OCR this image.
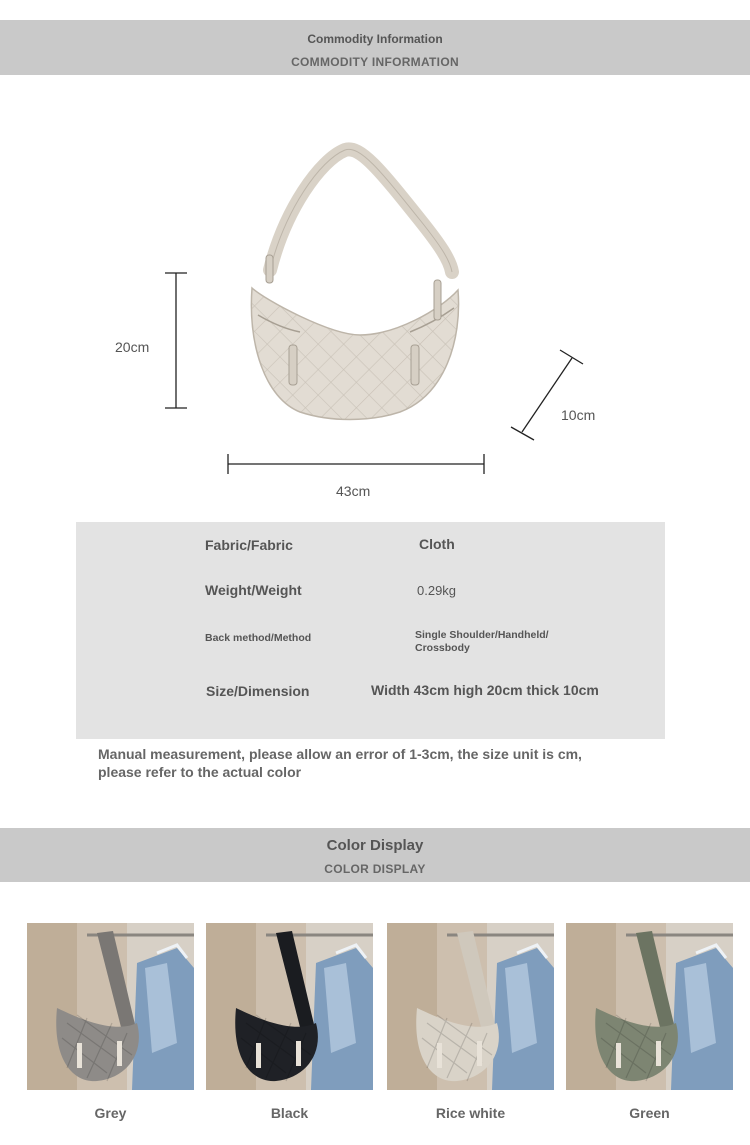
Commodity Information
COMMODITY INFORMATION
20cm
10cm
43cm
Fabric/Fabric	Cloth
Weight/Weight	0.29kg
Back method/Method	Single Shoulder/Handheld/
Crossbody
Size/Dimension	Width 43cm high 20cm thick 10cm
Manual measurement, please allow an error of 1-3cm, the size unit is cm, please refer to the actual color
Color Display
COLOR DISPLAY
Grey	Black	Rice white	Green
